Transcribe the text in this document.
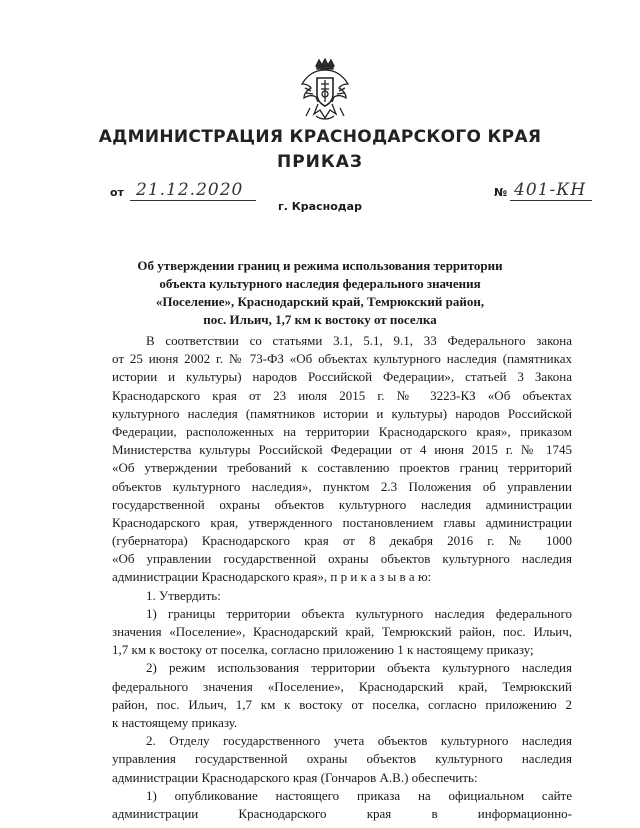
АДМИНИСТРАЦИЯ КРАСНОДАРСКОГО КРАЯ
ПРИКАЗ
от 21.12.2020	№ 401-КН
г. Краснодар
Об утверждении границ и режима использования территории
объекта культурного наследия федерального значения
«Поселение», Краснодарский край, Темрюкский район,
пос. Ильич, 1,7 км к востоку от поселка
В соответствии со статьями 3.1, 5.1, 9.1, 33 Федерального закона
от 25 июня 2002 г. № 73-ФЗ «Об объектах культурного наследия (памятниках
истории и культуры) народов Российской Федерации», статьей 3 Закона
Краснодарского края от 23 июля 2015 г. № 3223-КЗ «Об объектах
культурного наследия (памятников истории и культуры) народов Российской
Федерации, расположенных на территории Краснодарского края», приказом
Министерства культуры Российской Федерации от 4 июня 2015 г. № 1745
«Об утверждении требований к составлению проектов границ территорий
объектов культурного наследия», пунктом 2.3 Положения об управлении
государственной охраны объектов культурного наследия администрации
Краснодарского края, утвержденного постановлением главы администрации
(губернатора) Краснодарского края от 8 декабря 2016 г. № 1000
«Об управлении государственной охраны объектов культурного наследия
администрации Краснодарского края», п р и к а з ы в а ю:
1. Утвердить:
1) границы территории объекта культурного наследия федерального
значения «Поселение», Краснодарский край, Темрюкский район, пос. Ильич,
1,7 км к востоку от поселка, согласно приложению 1 к настоящему приказу;
2) режим использования территории объекта культурного наследия
федерального значения «Поселение», Краснодарский край, Темрюкский
район, пос. Ильич, 1,7 км к востоку от поселка, согласно приложению 2
к настоящему приказу.
2. Отделу государственного учета объектов культурного наследия
управления государственной охраны объектов культурного наследия
администрации Краснодарского края (Гончаров А.В.) обеспечить:
1) опубликование настоящего приказа на официальном сайте
администрации Краснодарского края в информационно-
